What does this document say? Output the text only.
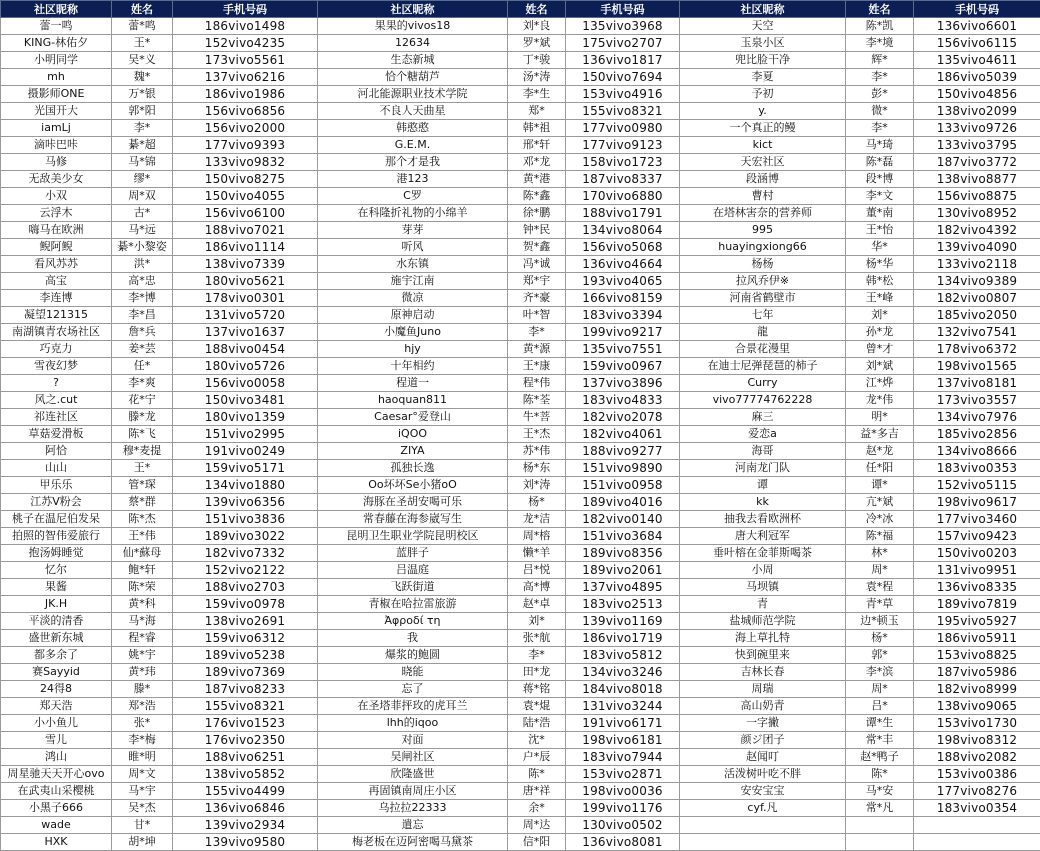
社区昵称	姓名	手机号码	社区昵称	姓名	手机号码	社区昵称	姓名	手机号码
蕾一鸣	蕾*鸣	186vivo1498	果果的vivos18	刘*良	135vivo3968	天空	陈*凯	136vivo6601
KING-林佑夕	王*	152vivo4235	12634	罗*斌	175vivo2707	玉泉小区	李*境	156vivo6115
小明同学	吴*义	173vivo5561	生态新城	丁*骏	136vivo1817	兜比脸干净	辉*	135vivo4611
mh	魏*	137vivo6216	恰个糖葫芦	汤*涛	150vivo7694	李夏	李*	186vivo5039
摄影师ONE	万*银	186vivo1986	河北能源职业技术学院	李*生	153vivo4916	予初	彭*	150vivo4856
光国开大	郭*阳	156vivo6856	不良人天曲星	郑*	155vivo8321	y.	微*	138vivo2099
iamLj	李*	156vivo2000	韩憨憨	韩*祖	177vivo0980	一个真正的鳗	李*	133vivo9726
滴咔巴咔	綦*超	177vivo9393	G.E.M.	邢*轩	177vivo9123	kict	马*琦	133vivo3795
马修	马*锦	133vivo9832	那个才是我	邓*龙	158vivo1723	天宏社区	陈*磊	187vivo3772
无敌美少女	缪*	150vivo8275	港123	黄*港	187vivo8337	段涵博	段*博	138vivo8877
小双	周*双	150vivo4055	C罗	陈*鑫	170vivo6880	曹村	李*文	156vivo8875
云浮木	古*	156vivo6100	在科隆折礼物的小绵羊	徐*鹏	188vivo1791	在塔林害奈的营养师	董*南	130vivo8952
嗨马在欧洲	马*远	188vivo7021	芽芽	钟*民	134vivo8064	995	王*怡	182vivo4392
鲵阿鲵	綦*小黎姿	186vivo1114	听风	贺*鑫	156vivo5068	huayingxiong66	华*	139vivo4090
看风苏苏	洪*	138vivo7339	水东镇	冯*诚	136vivo4664	杨杨	杨*华	133vivo2118
高宝	高*忠	180vivo5621	施宇江南	郑*宇	193vivo4065	拉风乔伊※	韩*松	134vivo9389
李连博	李*博	178vivo0301	微凉	齐*豪	166vivo8159	河南省鹤壁市	王*峰	182vivo0807
凝望121315	李*昌	131vivo5720	原神启动	叶*智	183vivo3394	七年	刘*	185vivo2050
南湖镇青农场社区	詹*兵	137vivo1637	小魔鱼Juno	李*	199vivo9217	龍	孙*龙	132vivo7541
巧克力	姜*芸	188vivo0454	hjy	黄*源	135vivo7551	合景花漫里	曾*才	178vivo6372
雪夜幻梦	任*	180vivo5726	十年相约	王*康	159vivo0967	在迪士尼弹琵琶的柿子	刘*斌	198vivo1565
?	李*爽	156vivo0058	程道一	程*伟	137vivo3896	Curry	江*烨	137vivo8181
风之.cut	花*宁	150vivo3481	haoquan811	陈*荃	183vivo4833	vivo77774762228	龙*伟	173vivo3557
祁连社区	滕*龙	180vivo1359	Caesar°爱登山	牛*菩	182vivo2078	麻三	明*	134vivo7976
草菇爱滑板	陈*飞	151vivo2995	iQOO	王*杰	182vivo4061	爱恋a	益*多吉	185vivo2856
阿恰	穆*麦提	191vivo0249	ZIYA	苏*伟	188vivo9277	海哥	赵*龙	134vivo8666
山山	王*	159vivo5171	孤独长逸	杨*东	151vivo9890	河南龙门队	任*阳	183vivo0353
甲乐乐	管*琛	134vivo1880	Oo坏坏Se小猪oO	刘*涛	151vivo0958	谭	谭*	152vivo5115
江苏V粉会	蔡*群	139vivo6356	海豚在圣胡安喝可乐	杨*	189vivo4016	kk	亢*斌	198vivo9617
桃子在温尼伯发呆	陈*杰	151vivo3836	常春藤在海参崴写生	龙*洁	182vivo0140	抽我去看欧洲杯	冷*冰	177vivo3460
拍照的智伟爱旅行	王*伟	189vivo3022	昆明卫生职业学院昆明校区	周*榕	151vivo3684	唐大利冠军	陈*福	157vivo9423
抱汤姆睡觉	仙*蘇母	182vivo7332	蓝胖子	懒*羊	189vivo8356	垂叶榕在金菲斯喝茶	林*	150vivo0203
忆尔	鲍*轩	152vivo2122	吕温庭	吕*悦	189vivo2061	小周	周*	131vivo9951
果酱	陈*荣	188vivo2703	飞跃街道	高*博	137vivo4895	马坝镇	袁*程	136vivo8335
JK.H	黄*科	159vivo0978	青椒在哈拉雷旅游	赵*卓	183vivo2513	青	青*草	189vivo7819
平淡的清香	马*海	138vivo2691	Ἀφροδί τη	刘*	139vivo1169	盐城师范学院	边*顿玉	195vivo5927
盛世新东城	程*睿	159vivo6312	我	张*航	186vivo1719	海上草扎特	杨*	186vivo5911
都多余了	姚*宇	189vivo5238	爆浆的鲍圆	李*	183vivo5812	快到碗里来	郭*	153vivo8825
赛Sayyid	黄*玮	189vivo7369	晓能	田*龙	134vivo3246	吉林长春	李*滨	187vivo5986
24得8	滕*	187vivo8233	忘了	蒋*铭	184vivo8018	周瑞	周*	182vivo8999
郑天浩	郑*浩	155vivo8321	在圣塔菲抨玫的虎耳兰	袁*焜	131vivo3244	高山奶青	吕*	138vivo9065
小小鱼儿	张*	176vivo1523	lhh的iqoo	陆*浩	191vivo6171	一字撇	谭*生	153vivo1730
雪儿	李*梅	176vivo2350	对面	沈*	198vivo6181	颜ジ团子	常*丰	198vivo8312
鸿山	睢*明	188vivo6251	吴闸社区	户*辰	183vivo7944	赵闻叮	赵*鸭子	188vivo2082
周星驰天天开心ovo	周*文	138vivo5852	欣隆盛世	陈*	153vivo2871	活泼树叶吃不胖	陈*	153vivo0386
在武夷山采樱桃	马*宇	155vivo4499	再固镇南周庄小区	唐*祥	198vivo0036	安安宝宝	马*安	177vivo8276
小黑子666	吴*杰	136vivo6846	乌拉拉22333	余*	199vivo1176	cyf.凡	常*凡	183vivo0354
wade	甘*	139vivo2934	遣忘	周*达	130vivo0502			
HXK	胡*坤	139vivo9580	梅老板在迈阿密喝马黛茶	信*阳	136vivo8081			
